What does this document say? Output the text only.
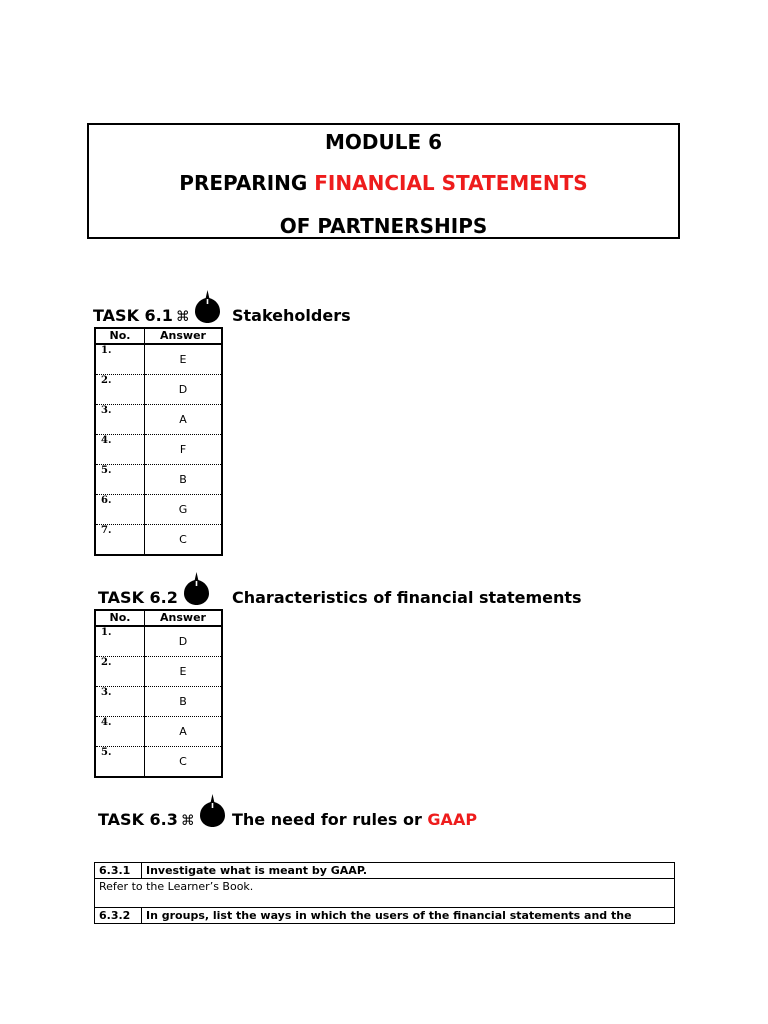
MODULE 6
PREPARING FINANCIAL STATEMENTS
OF PARTNERSHIPS
TASK 6.1 ⌘	Stakeholders
No.	Answer
1.	E
2.	D
3.	A
4.	F
5.	B
6.	G
7.	C
TASK 6.2	Characteristics of financial statements
No.	Answer
1.	D
2.	E
3.	B
4.	A
5.	C
TASK 6.3 ⌘ The need for rules or GAAP
6.3.1	Investigate what is meant by GAAP.
Refer to the Learner’s Book.	
6.3.2	In groups, list the ways in which the users of the financial statements and the
